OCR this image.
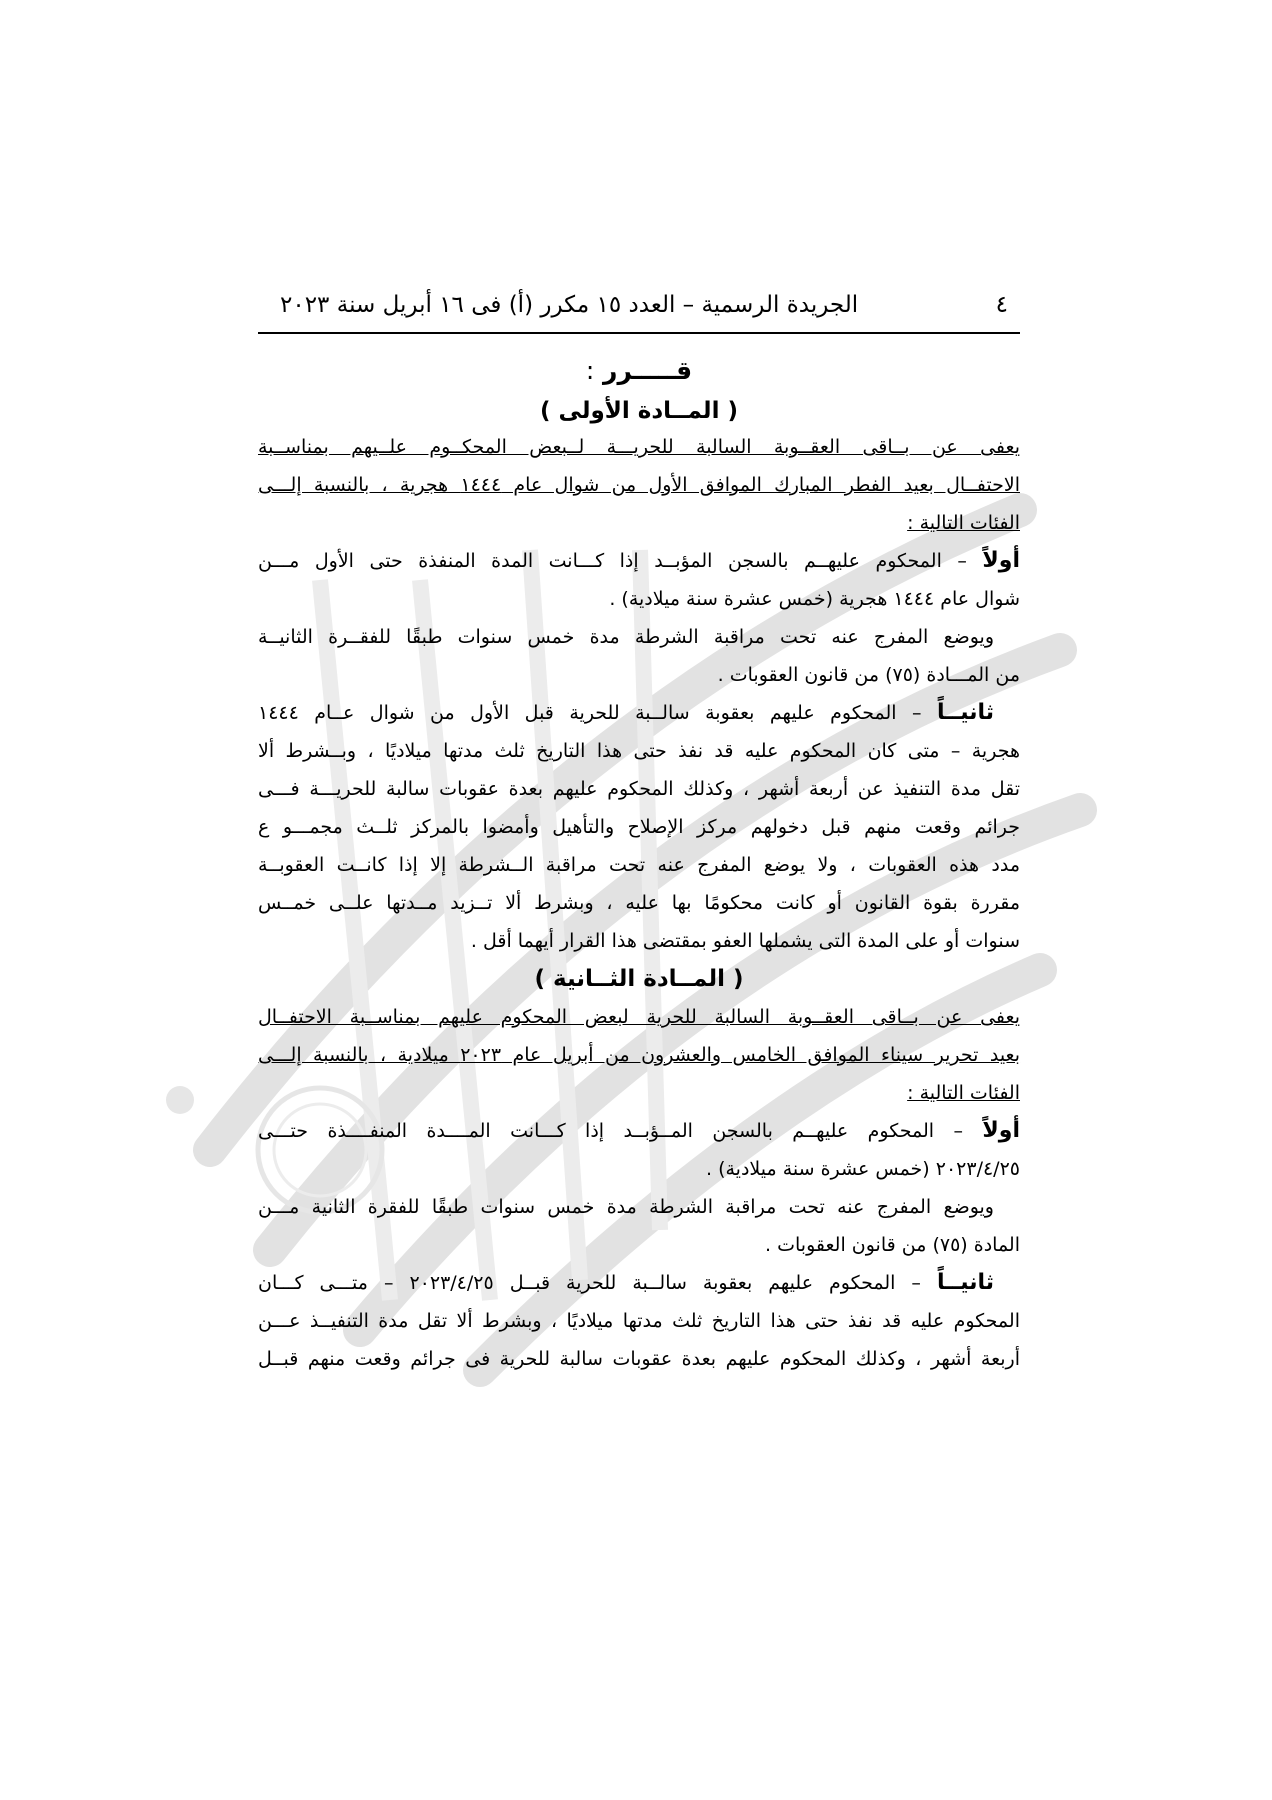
٤
الجريدة الرسمية – العدد ١٥ مكرر (أ) فى ١٦ أبريل سنة ٢٠٢٣
قـــــرر :
( المــادة الأولى )
يعفى عن بــاقى العقــوبة السالبة للحريـــة لــبعض المحكــوم علــيهم بمناســبة
الاحتفــال بعيد الفطر المبارك الموافق الأول من شوال عام ١٤٤٤ هجرية ، بالنسبة إلـــى
الفئات التالية :
أولاً – المحكوم عليهــم بالسجن المؤبــد إذا كـــانت المدة المنفذة حتى الأول مـــن
شوال عام ١٤٤٤ هجرية (خمس عشرة سنة ميلادية) .
ويوضع المفرج عنه تحت مراقبة الشرطة مدة خمس سنوات طبقًا للفقــرة الثانيــة
من المـــادة (٧٥) من قانون العقوبات .
ثانيــاً – المحكوم عليهم بعقوبة سالــبة للحرية قبل الأول من شوال عــام ١٤٤٤
هجرية – متى كان المحكوم عليه قد نفذ حتى هذا التاريخ ثلث مدتها ميلاديًا ، وبــشرط ألا
تقل مدة التنفيذ عن أربعة أشهر ، وكذلك المحكوم عليهم بعدة عقوبات سالبة للحريـــة فـــى
جرائم وقعت منهم قبل دخولهم مركز الإصلاح والتأهيل وأمضوا بالمركز ثلــث مجمـــو ع
مدد هذه العقوبات ، ولا يوضع المفرج عنه تحت مراقبة الــشرطة إلا إذا كانــت العقوبــة
مقررة بقوة القانون أو كانت محكومًا بها عليه ، وبشرط ألا تــزيد مــدتها علــى خمــس
سنوات أو على المدة التى يشملها العفو بمقتضى هذا القرار أيهما أقل .
( المــادة الثــانية )
يعفى عن بــاقى العقــوبة السالبة للحرية لبعض المحكوم عليهم بمناســبة الاحتفــال
بعيد تحرير سيناء الموافق الخامس والعشرون من أبريل عام ٢٠٢٣ ميلادية ، بالنسبة إلـــى
الفئات التالية :
أولاً – المحكوم عليهــم بالسجن المــؤبــد إذا كـــانت المــــدة المنفــــذة حتـــى
٢٠٢٣/٤/٢٥ (خمس عشرة سنة ميلادية) .
ويوضع المفرج عنه تحت مراقبة الشرطة مدة خمس سنوات طبقًا للفقرة الثانية مـــن
المادة (٧٥) من قانون العقوبات .
ثانيــاً – المحكوم عليهم بعقوبة سالــبة للحرية قبــل ٢٠٢٣/٤/٢٥ – متـــى كـــان
المحكوم عليه قد نفذ حتى هذا التاريخ ثلث مدتها ميلاديًا ، وبشرط ألا تقل مدة التنفيــذ عـــن
أربعة أشهر ، وكذلك المحكوم عليهم بعدة عقوبات سالبة للحرية فى جرائم وقعت منهم قبــل
